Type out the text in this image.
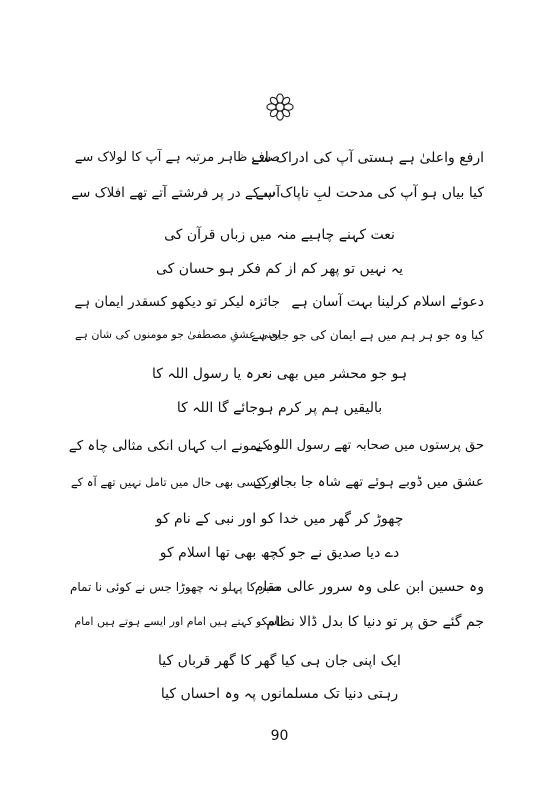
ارفع واعلیٰ ہے ہستی آپ کی ادراک سے
صاف ظاہر مرتبہ ہے آپ کا لولاک سے
کیا بیاں ہو آپ کی مدحت لبِ ناپاک سے
آپ کے در پر فرشتے آتے تھے افلاک سے
نعت کہنے چاہیے منہ میں زباں قرآن کی
یہ نہیں تو پھر کم از کم فکر ہو حسان کی
دعوئے اسلام کرلینا بہت آسان ہے
جائزہ لیکر تو دیکھو کسقدر ایمان ہے
کیا وہ جو ہر ہم میں ہے ایمان کی جو جان ہے
یعنی عشقِ مصطفیٰ جو مومنوں کی شان ہے
ہو جو محشر میں بھی نعرہ یا رسول اللہ کا
بالیقیں ہم پر کرم ہوجائے گا اللہ کا
حق پرستوں میں صحابہ تھے رسول اللہ کے
وہ نمونے اب کہاں انکی مثالی چاہ کے
عشق میں ڈوبے ہوئے تھے شاہ جا بجاہ کے
اور کسی بھی حال میں تامل نہیں تھے آہ کے
چھوڑ کر گھر میں خدا کو اور نبی کے نام کو
دے دیا صدیق نے جو کچھ بھی تھا اسلام کو
وہ حسین ابن علی وہ سرور عالی مقام
صبر کا پہلو نہ چھوڑا جس نے کوئی نا تمام
جم گئے حق پر تو دنیا کا بدل ڈالا نظام
اسکو کہتے ہیں امام اور ایسے ہوتے ہیں امام
ایک اپنی جان ہی کیا گھر کا گھر قرباں کیا
رہتی دنیا تک مسلمانوں پہ وہ احساں کیا
90
